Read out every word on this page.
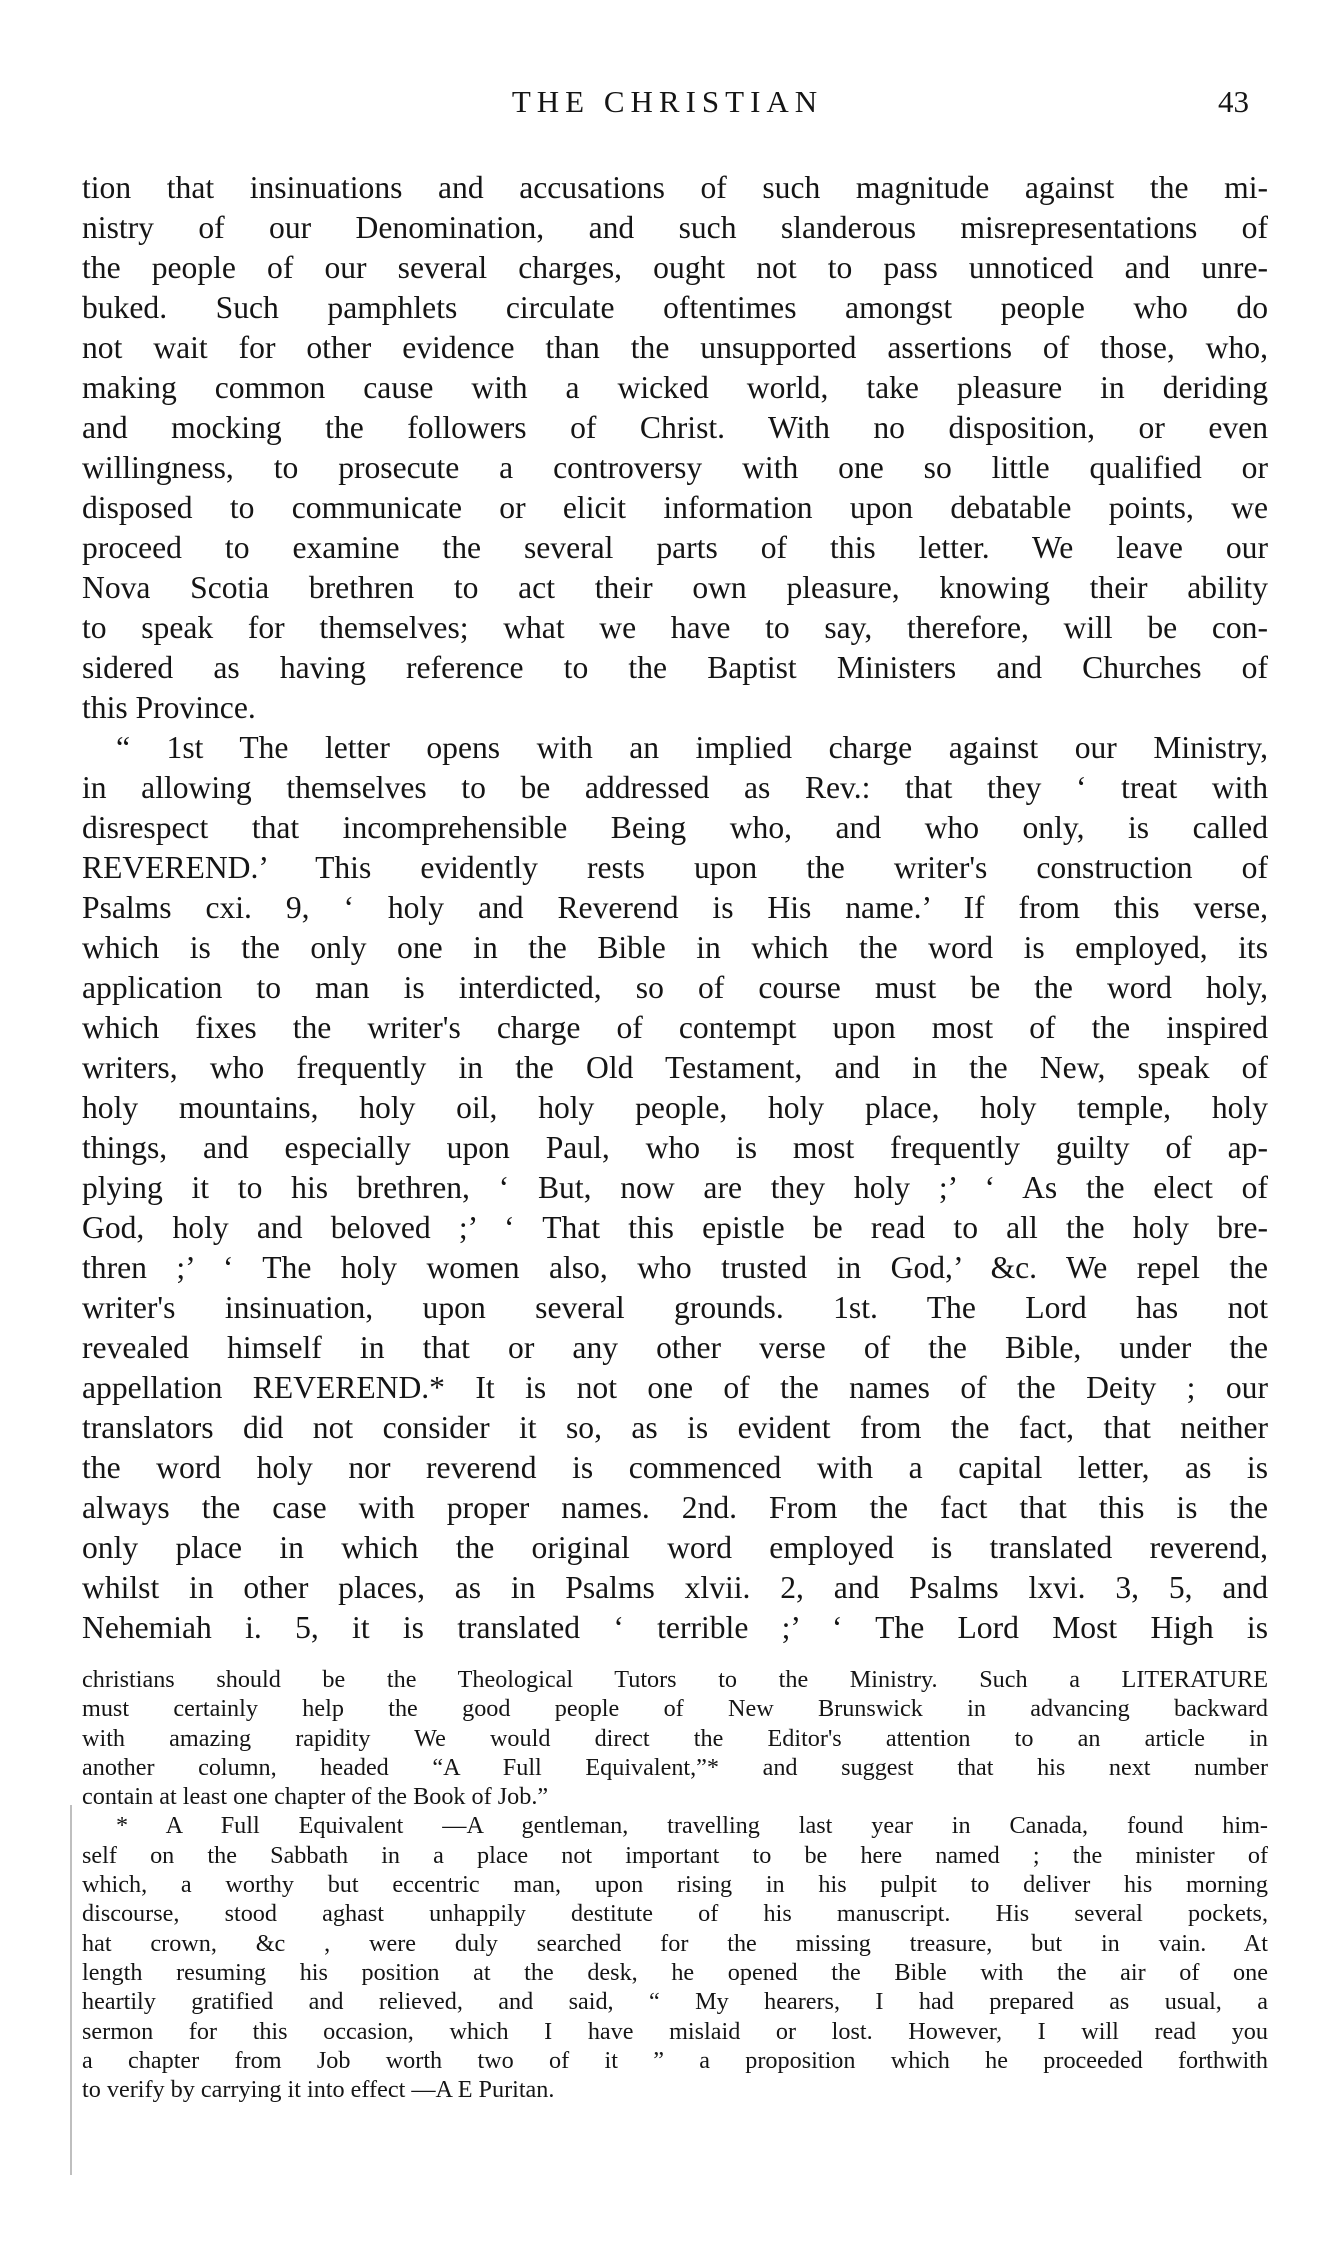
THE CHRISTIAN	43
tion that insinuations and accusations of such magnitude against the mi-
nistry of our Denomination, and such slanderous misrepresentations of
the people of our several charges, ought not to pass unnoticed and unre-
buked. Such pamphlets circulate oftentimes amongst people who do
not wait for other evidence than the unsupported assertions of those, who,
making common cause with a wicked world, take pleasure in deriding
and mocking the followers of Christ. With no disposition, or even
willingness, to prosecute a controversy with one so little qualified or
disposed to communicate or elicit information upon debatable points, we
proceed to examine the several parts of this letter. We leave our
Nova Scotia brethren to act their own pleasure, knowing their ability
to speak for themselves; what we have to say, therefore, will be con-
sidered as having reference to the Baptist Ministers and Churches of
this Province.
“ 1st The letter opens with an implied charge against our Ministry,
in allowing themselves to be addressed as Rev.: that they ‘ treat with
disrespect that incomprehensible Being who, and who only, is called
REVEREND.’ This evidently rests upon the writer's construction of
Psalms cxi. 9, ‘ holy and Reverend is His name.’ If from this verse,
which is the only one in the Bible in which the word is employed, its
application to man is interdicted, so of course must be the word holy,
which fixes the writer's charge of contempt upon most of the inspired
writers, who frequently in the Old Testament, and in the New, speak of
holy mountains, holy oil, holy people, holy place, holy temple, holy
things, and especially upon Paul, who is most frequently guilty of ap-
plying it to his brethren, ‘ But, now are they holy ;’ ‘ As the elect of
God, holy and beloved ;’ ‘ That this epistle be read to all the holy bre-
thren ;’ ‘ The holy women also, who trusted in God,’ &c. We repel the
writer's insinuation, upon several grounds. 1st. The Lord has not
revealed himself in that or any other verse of the Bible, under the
appellation REVEREND.* It is not one of the names of the Deity ; our
translators did not consider it so, as is evident from the fact, that neither
the word holy nor reverend is commenced with a capital letter, as is
always the case with proper names. 2nd. From the fact that this is the
only place in which the original word employed is translated reverend,
whilst in other places, as in Psalms xlvii. 2, and Psalms lxvi. 3, 5, and
Nehemiah i. 5, it is translated ‘ terrible ;’ ‘ The Lord Most High is
christians should be the Theological Tutors to the Ministry. Such a LITERATURE
must certainly help the good people of New Brunswick in advancing backward
with amazing rapidity We would direct the Editor's attention to an article in
another column, headed “A Full Equivalent,”* and suggest that his next number
contain at least one chapter of the Book of Job.”
* A Full Equivalent —A gentleman, travelling last year in Canada, found him-
self on the Sabbath in a place not important to be here named ; the minister of
which, a worthy but eccentric man, upon rising in his pulpit to deliver his morning
discourse, stood aghast unhappily destitute of his manuscript. His several pockets,
hat crown, &c , were duly searched for the missing treasure, but in vain. At
length resuming his position at the desk, he opened the Bible with the air of one
heartily gratified and relieved, and said, “ My hearers, I had prepared as usual, a
sermon for this occasion, which I have mislaid or lost. However, I will read you
a chapter from Job worth two of it ” a proposition which he proceeded forthwith
to verify by carrying it into effect —A E Puritan.
